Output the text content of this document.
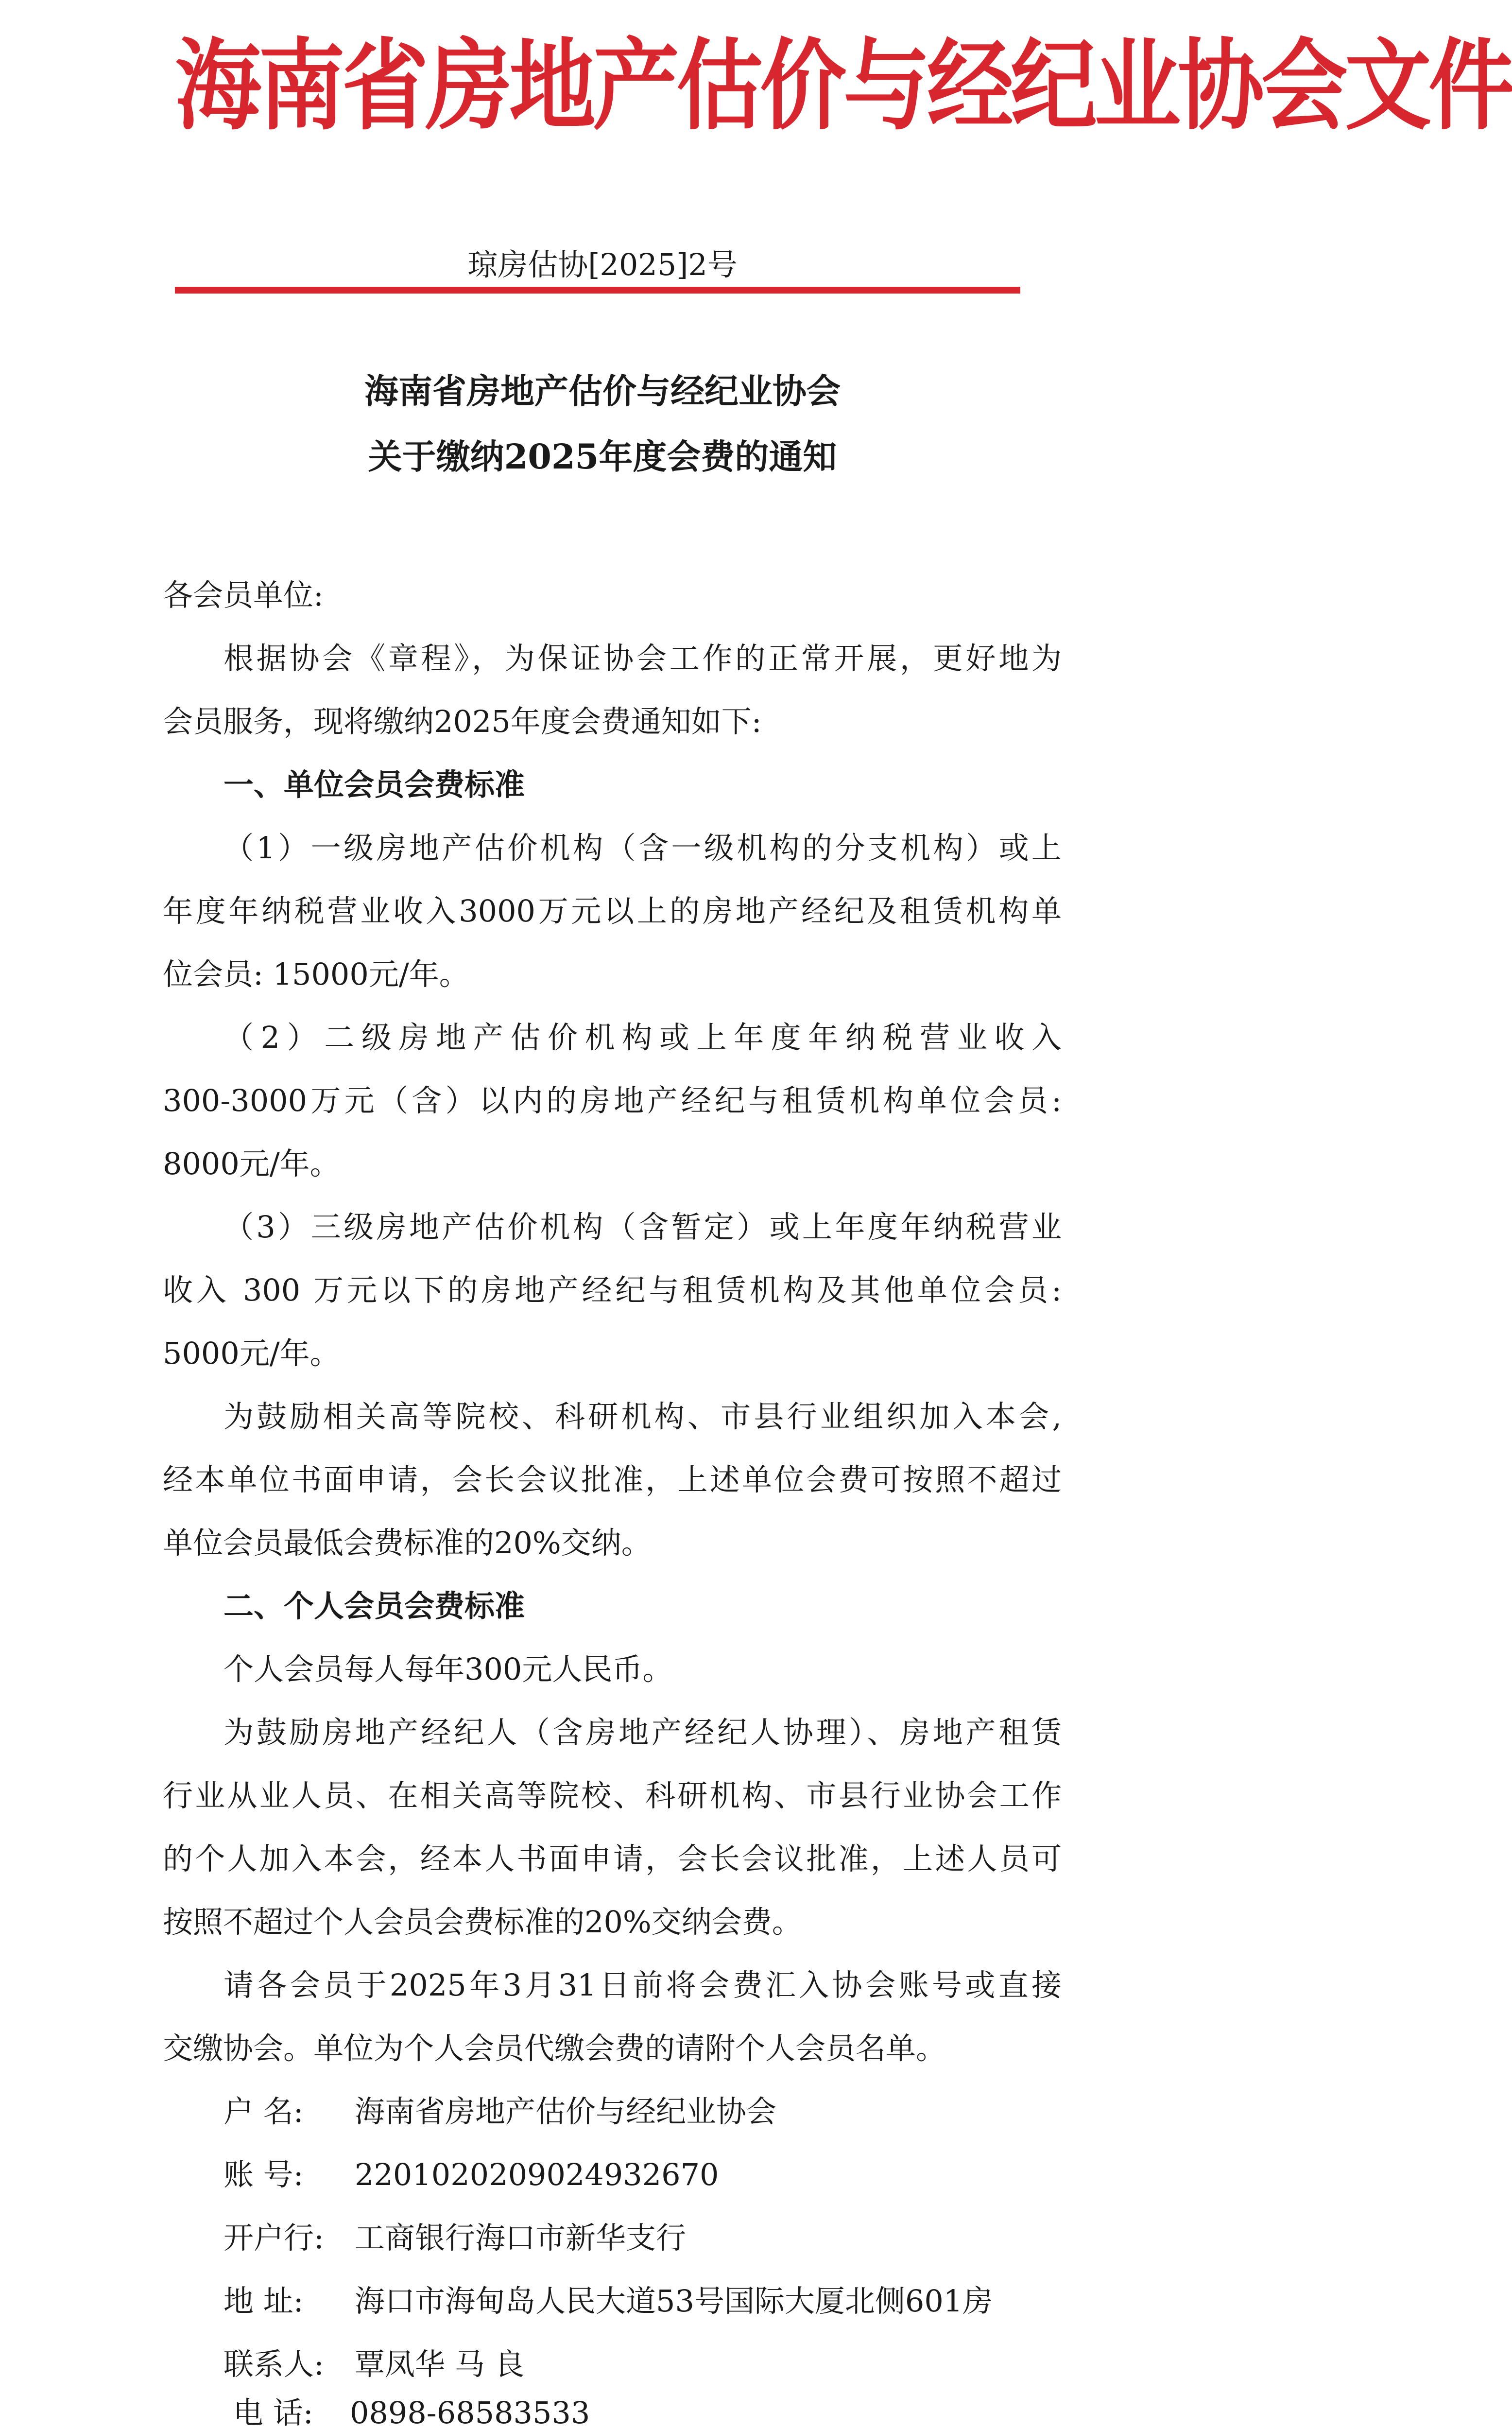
海南省房地产估价与经纪业协会文件
琼房估协[2025]2号
海南省房地产估价与经纪业协会
关于缴纳2025年度会费的通知
各会员单位:
根据协会《章程》，为保证协会工作的正常开展，更好地为
会员服务，现将缴纳2025年度会费通知如下:
一、单位会员会费标准
（1）一级房地产估价机构（含一级机构的分支机构）或上
年度年纳税营业收入3000万元以上的房地产经纪及租赁机构单
位会员: 15000元/年。
（2）二级房地产估价机构或上年度年纳税营业收入
300-3000万元（含）以内的房地产经纪与租赁机构单位会员:
8000元/年。
（3）三级房地产估价机构（含暂定）或上年度年纳税营业
收入 300 万元以下的房地产经纪与租赁机构及其他单位会员:
5000元/年。
为鼓励相关高等院校、科研机构、市县行业组织加入本会,
经本单位书面申请，会长会议批准，上述单位会费可按照不超过
单位会员最低会费标准的20%交纳。
二、个人会员会费标准
个人会员每人每年300元人民币。
为鼓励房地产经纪人（含房地产经纪人协理）、房地产租赁
行业从业人员、在相关高等院校、科研机构、市县行业协会工作
的个人加入本会，经本人书面申请，会长会议批准，上述人员可
按照不超过个人会员会费标准的20%交纳会费。
请各会员于2025年3月31日前将会费汇入协会账号或直接
交缴协会。单位为个人会员代缴会费的请附个人会员名单。
户 名: 海南省房地产估价与经纪业协会
账 号: 2201020209024932670
开户行: 工商银行海口市新华支行
地 址: 海口市海甸岛人民大道53号国际大厦北侧601房
联系人: 覃凤华 马 良
电 话: 0898-68583533
